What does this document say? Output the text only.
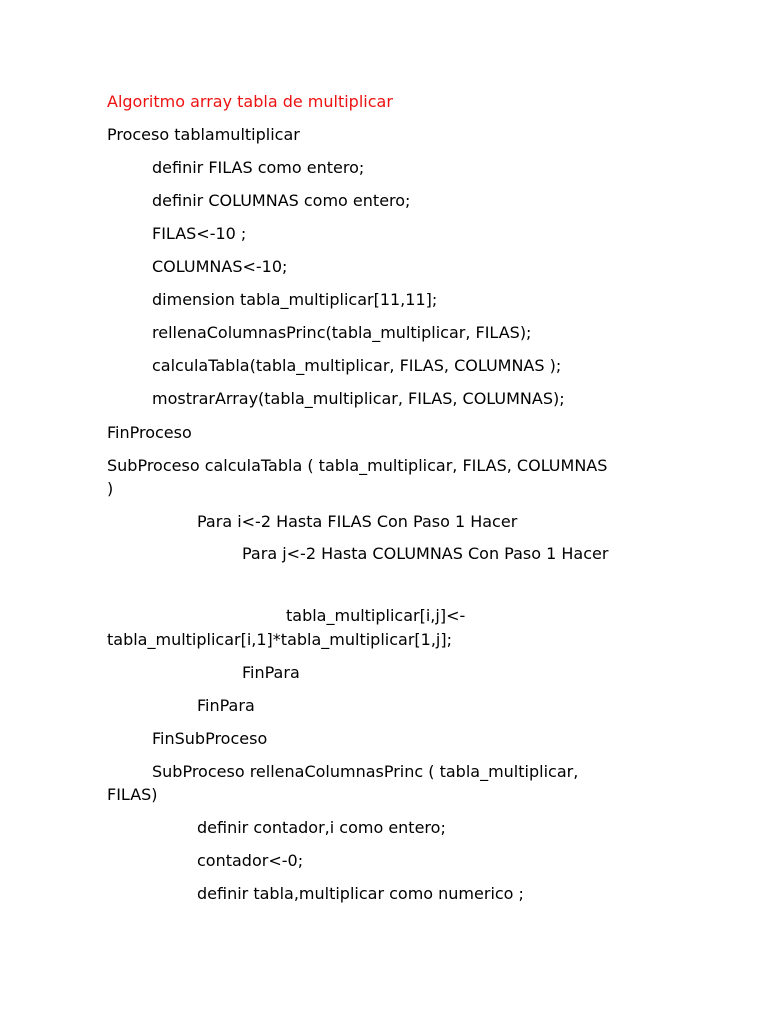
Algoritmo array tabla de multiplicar
Proceso tablamultiplicar
definir FILAS como entero;
definir COLUMNAS como entero;
FILAS<-10 ;
COLUMNAS<-10;
dimension tabla_multiplicar[11,11];
rellenaColumnasPrinc(tabla_multiplicar, FILAS);
calculaTabla(tabla_multiplicar, FILAS, COLUMNAS );
mostrarArray(tabla_multiplicar, FILAS, COLUMNAS);
FinProceso
SubProceso calculaTabla ( tabla_multiplicar, FILAS, COLUMNAS
)
Para i<-2 Hasta FILAS Con Paso 1 Hacer
Para j<-2 Hasta COLUMNAS Con Paso 1 Hacer
tabla_multiplicar[i,j]<-
tabla_multiplicar[i,1]*tabla_multiplicar[1,j];
FinPara
FinPara
FinSubProceso
SubProceso rellenaColumnasPrinc ( tabla_multiplicar,
FILAS)
definir contador,i como entero;
contador<-0;
definir tabla,multiplicar como numerico ;
